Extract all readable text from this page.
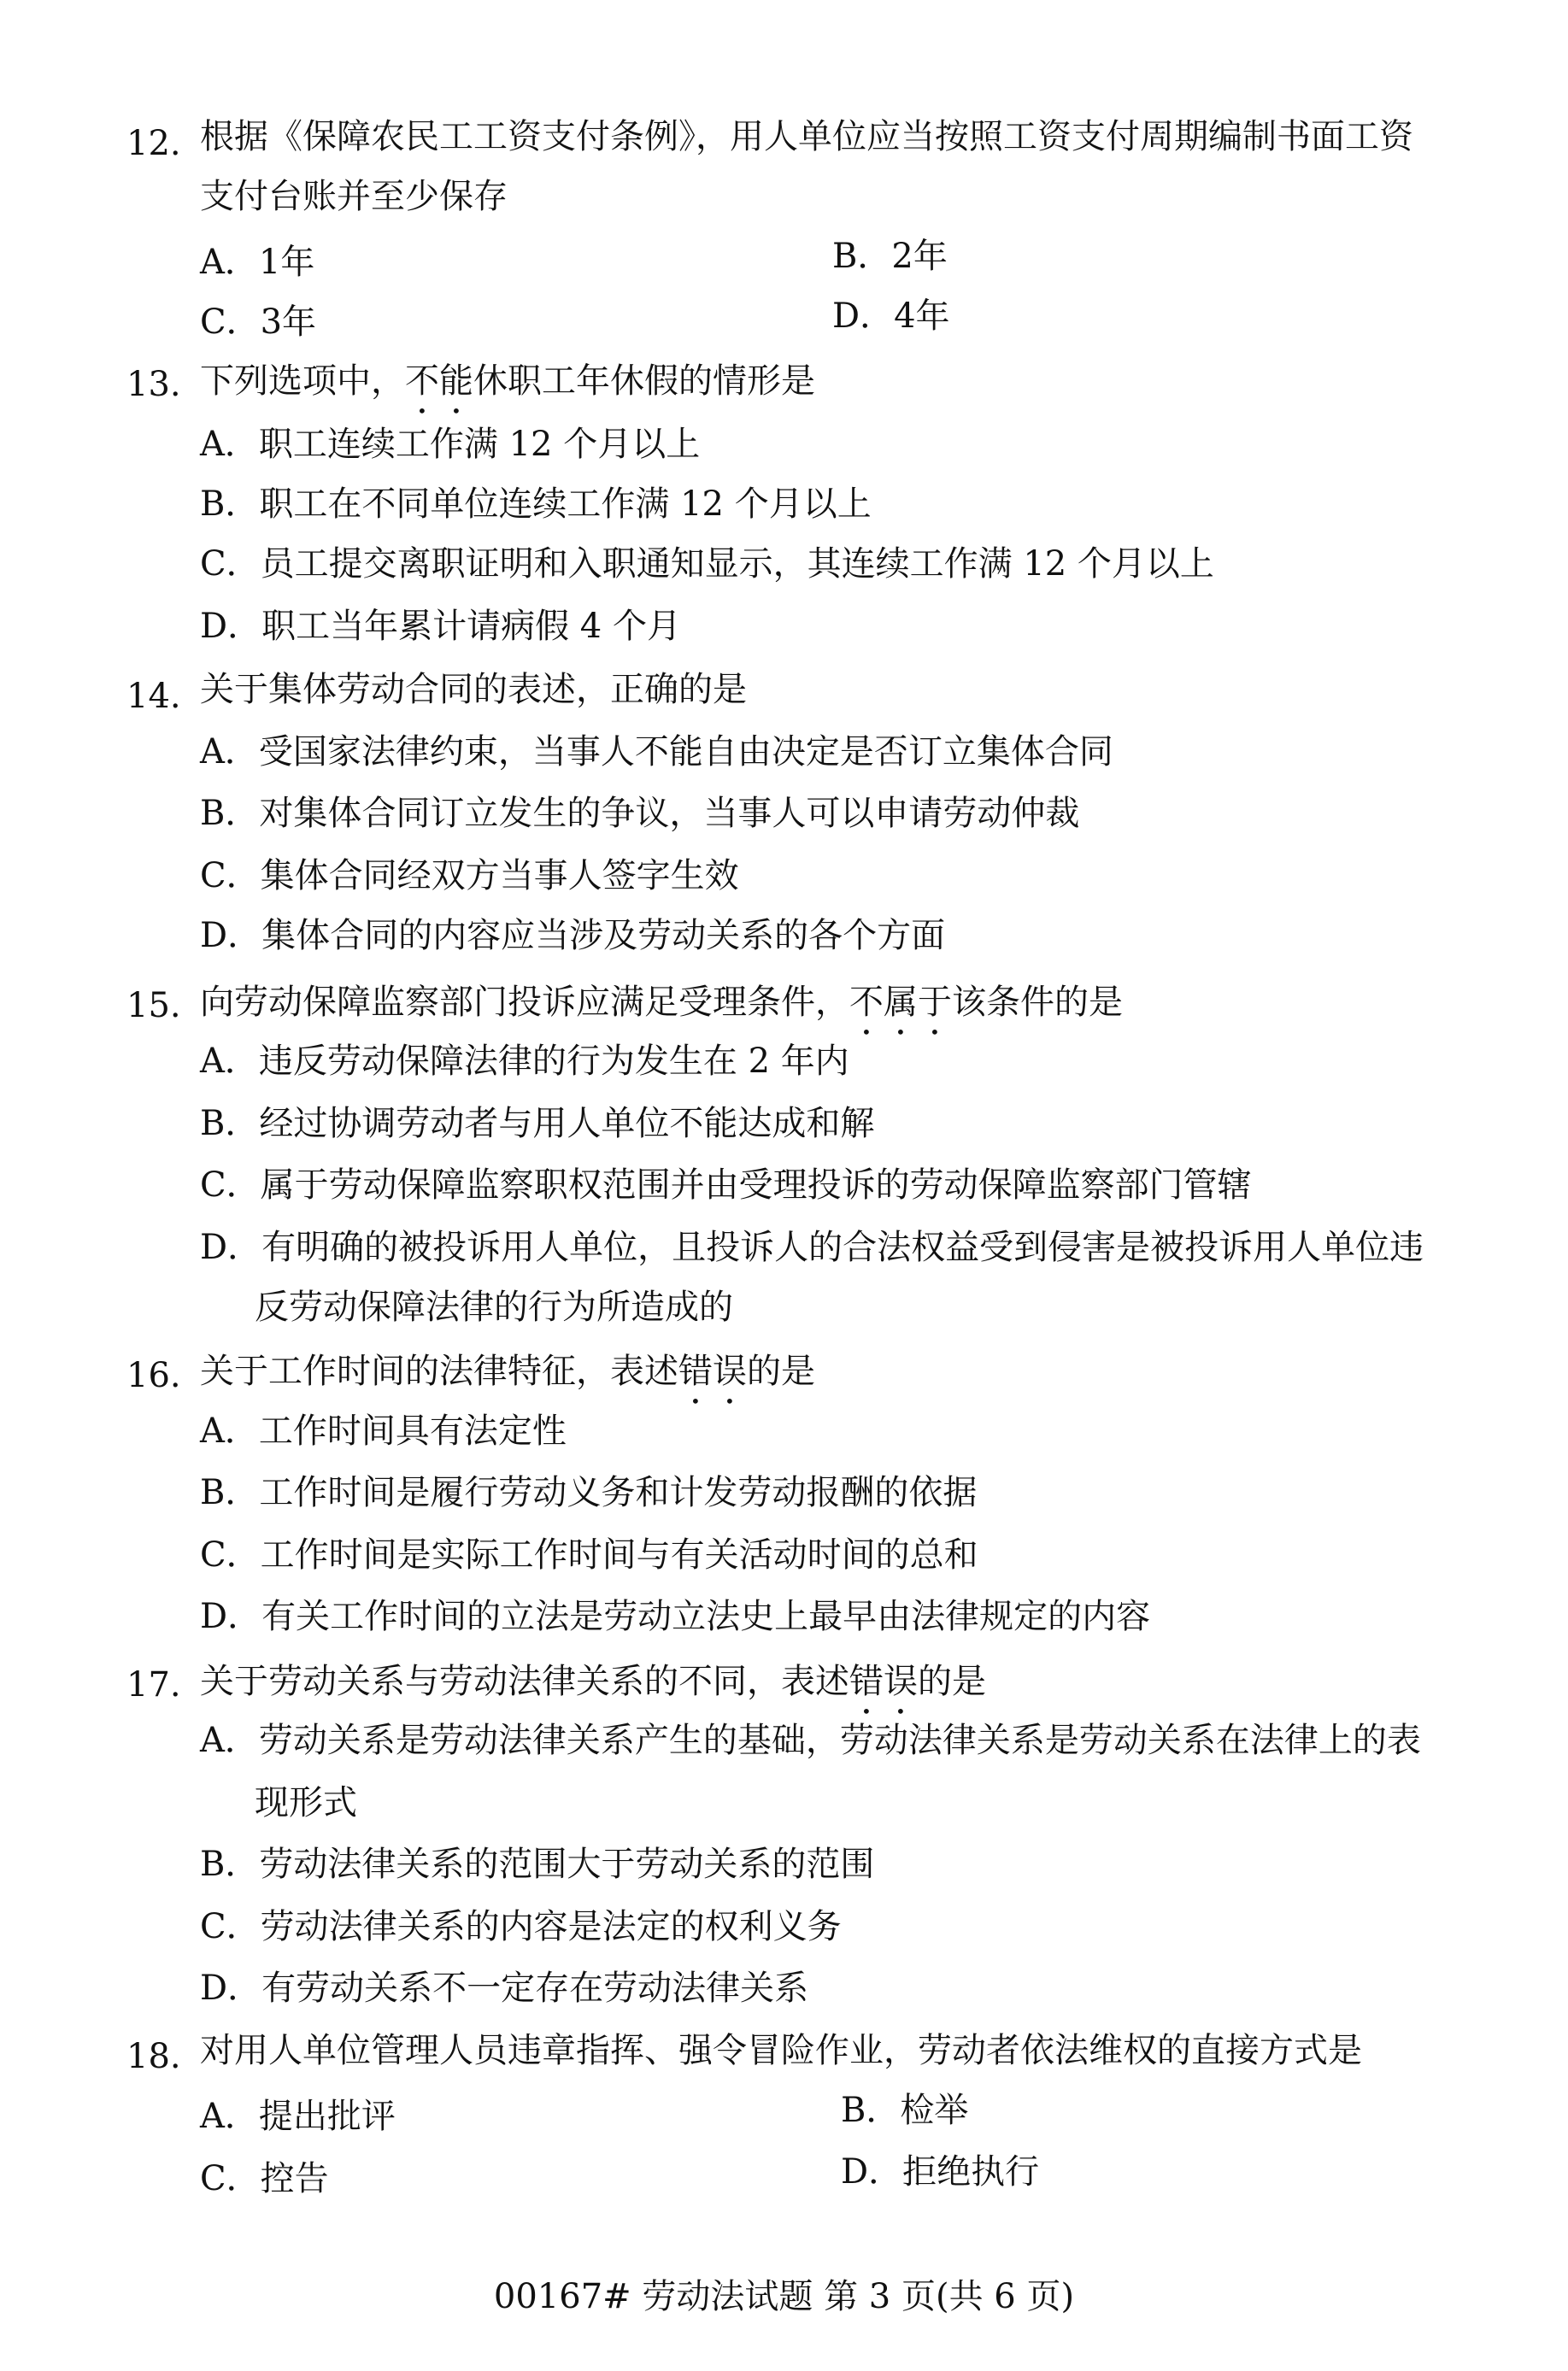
12. 根据《保障农民工工资支付条例》，用人单位应当按照工资支付周期编制书面工资
支付台账并至少保存
A．1年	B．2年
C．3年	D．4年
13. 下列选项中，不能休职工年休假的情形是
A．职工连续工作满 12 个月以上
B．职工在不同单位连续工作满 12 个月以上
C．员工提交离职证明和入职通知显示，其连续工作满 12 个月以上
D．职工当年累计请病假 4 个月
14. 关于集体劳动合同的表述，正确的是
A．受国家法律约束，当事人不能自由决定是否订立集体合同
B．对集体合同订立发生的争议，当事人可以申请劳动仲裁
C．集体合同经双方当事人签字生效
D．集体合同的内容应当涉及劳动关系的各个方面
15. 向劳动保障监察部门投诉应满足受理条件，不属于该条件的是
A．违反劳动保障法律的行为发生在 2 年内
B．经过协调劳动者与用人单位不能达成和解
C．属于劳动保障监察职权范围并由受理投诉的劳动保障监察部门管辖
D．有明确的被投诉用人单位，且投诉人的合法权益受到侵害是被投诉用人单位违
反劳动保障法律的行为所造成的
16. 关于工作时间的法律特征，表述错误的是
A．工作时间具有法定性
B．工作时间是履行劳动义务和计发劳动报酬的依据
C．工作时间是实际工作时间与有关活动时间的总和
D．有关工作时间的立法是劳动立法史上最早由法律规定的内容
17. 关于劳动关系与劳动法律关系的不同，表述错误的是
A．劳动关系是劳动法律关系产生的基础，劳动法律关系是劳动关系在法律上的表
现形式
B．劳动法律关系的范围大于劳动关系的范围
C．劳动法律关系的内容是法定的权利义务
D．有劳动关系不一定存在劳动法律关系
18. 对用人单位管理人员违章指挥、强令冒险作业，劳动者依法维权的直接方式是
A．提出批评	B．检举
C．控告	D．拒绝执行
00167# 劳动法试题 第 3 页(共 6 页)
